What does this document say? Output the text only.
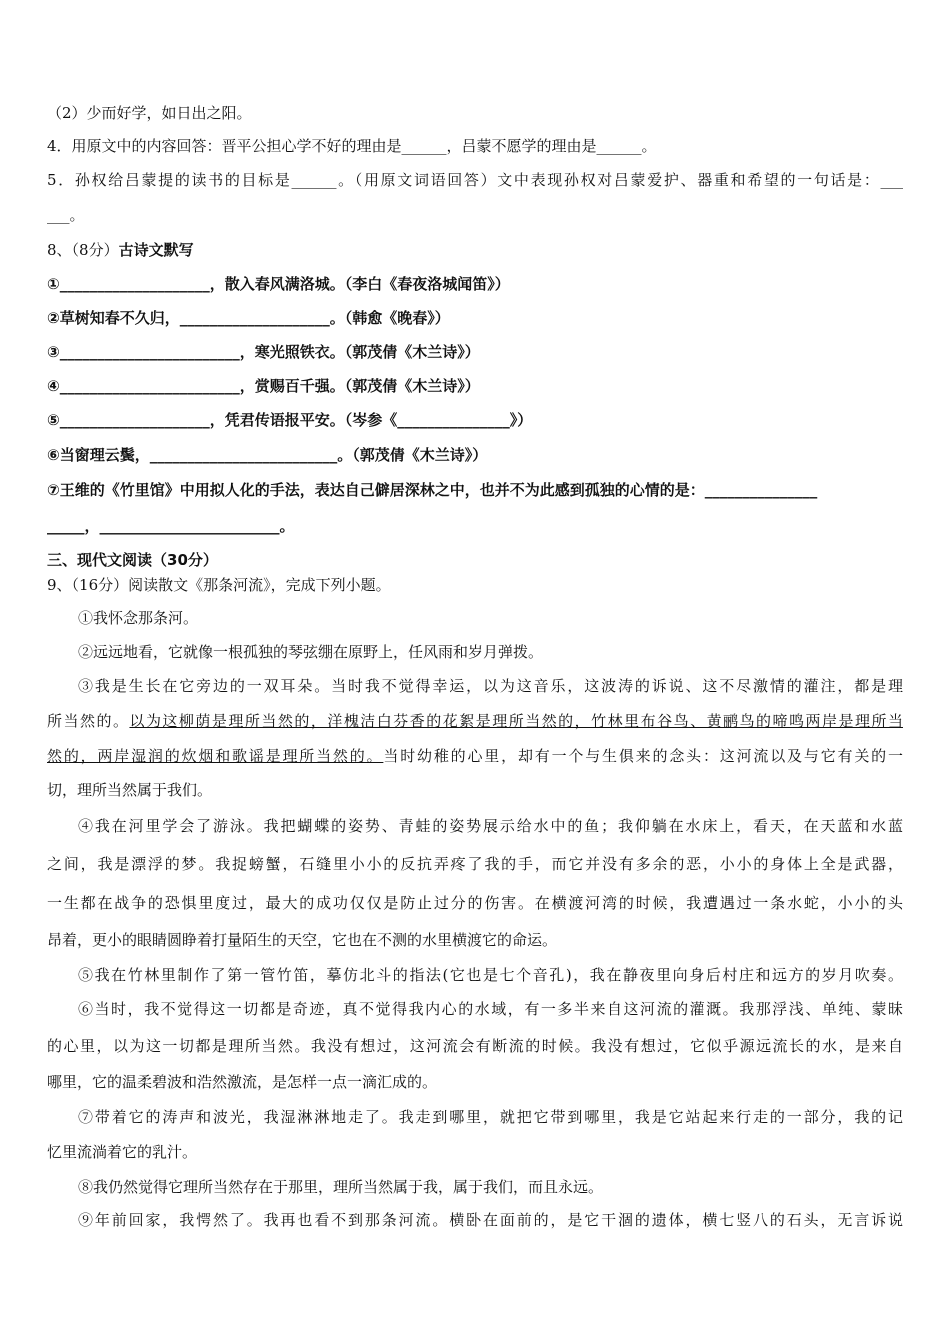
（2）少而好学，如日出之阳。
4．用原文中的内容回答：晋平公担心学不好的理由是______，吕蒙不愿学的理由是______。
5．孙权给吕蒙提的读书的目标是______。（用原文词语回答）文中表现孙权对吕蒙爱护、器重和希望的一句话是：___
___。
8、（8分）古诗文默写
①____________________，散入春风满洛城。（李白《春夜洛城闻笛》）
②草树知春不久归，____________________。（韩愈《晚春》）
③________________________，寒光照铁衣。（郭茂倩《木兰诗》）
④________________________，赏赐百千强。（郭茂倩《木兰诗》）
⑤____________________，凭君传语报平安。（岑参《_______________》）
⑥当窗理云鬓，_________________________。（郭茂倩《木兰诗》）
⑦王维的《竹里馆》中用拟人化的手法，表达自己僻居深林之中，也并不为此感到孤独的心情的是：_______________
_____，________________________。
三、现代文阅读（30分）
9、（16分）阅读散文《那条河流》，完成下列小题。
①我怀念那条河。
②远远地看，它就像一根孤独的琴弦绷在原野上，任风雨和岁月弹拨。
③我是生长在它旁边的一双耳朵。当时我不觉得幸运，以为这音乐，这波涛的诉说、这不尽激情的灌注，都是理
所当然的。以为这柳荫是理所当然的，洋槐洁白芬香的花絮是理所当然的，竹林里布谷鸟、黄鹂鸟的啼鸣两岸是理所当
然的，两岸湿润的炊烟和歌谣是理所当然的。当时幼稚的心里，却有一个与生俱来的念头：这河流以及与它有关的一
切，理所当然属于我们。
④我在河里学会了游泳。我把蝴蝶的姿势、青蛙的姿势展示给水中的鱼；我仰躺在水床上，看天，在天蓝和水蓝
之间，我是漂浮的梦。我捉螃蟹，石缝里小小的反抗弄疼了我的手，而它并没有多余的恶，小小的身体上全是武器，
一生都在战争的恐惧里度过，最大的成功仅仅是防止过分的伤害。在横渡河湾的时候，我遭遇过一条水蛇，小小的头
昂着，更小的眼睛圆睁着打量陌生的天空，它也在不测的水里横渡它的命运。
⑤我在竹林里制作了第一管竹笛，摹仿北斗的指法(它也是七个音孔)，我在静夜里向身后村庄和远方的岁月吹奏。
⑥当时，我不觉得这一切都是奇迹，真不觉得我内心的水域，有一多半来自这河流的灌溉。我那浮浅、单纯、蒙昧
的心里，以为这一切都是理所当然。我没有想过，这河流会有断流的时候。我没有想过，它似乎源远流长的水，是来自
哪里，它的温柔碧波和浩然激流，是怎样一点一滴汇成的。
⑦带着它的涛声和波光，我湿淋淋地走了。我走到哪里，就把它带到哪里，我是它站起来行走的一部分，我的记
忆里流淌着它的乳汁。
⑧我仍然觉得它理所当然存在于那里，理所当然属于我，属于我们，而且永远。
⑨年前回家，我愕然了。我再也看不到那条河流。横卧在面前的，是它干涸的遗体，横七竖八的石头，无言诉说
